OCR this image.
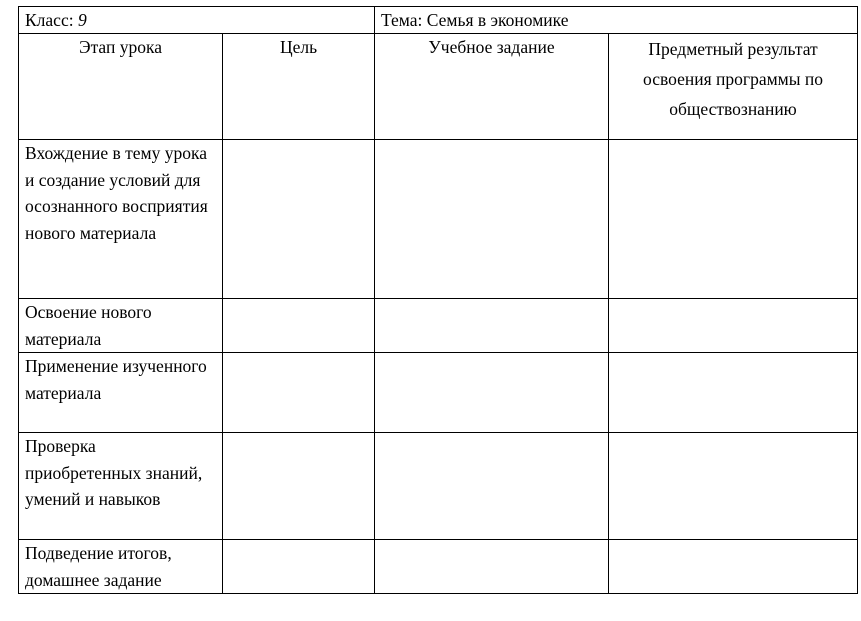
Класс: 9		Тема: Семья в экономике	
Этап урока	Цель	Учебное задание	Предметный результат освоения программы по обществознанию
Вхождение в тему урока и создание условий для осознанного восприятия нового материала			
Освоение нового материала			
Применение изученного материала			
Проверка приобретенных знаний, умений и навыков			
Подведение итогов, домашнее задание			
